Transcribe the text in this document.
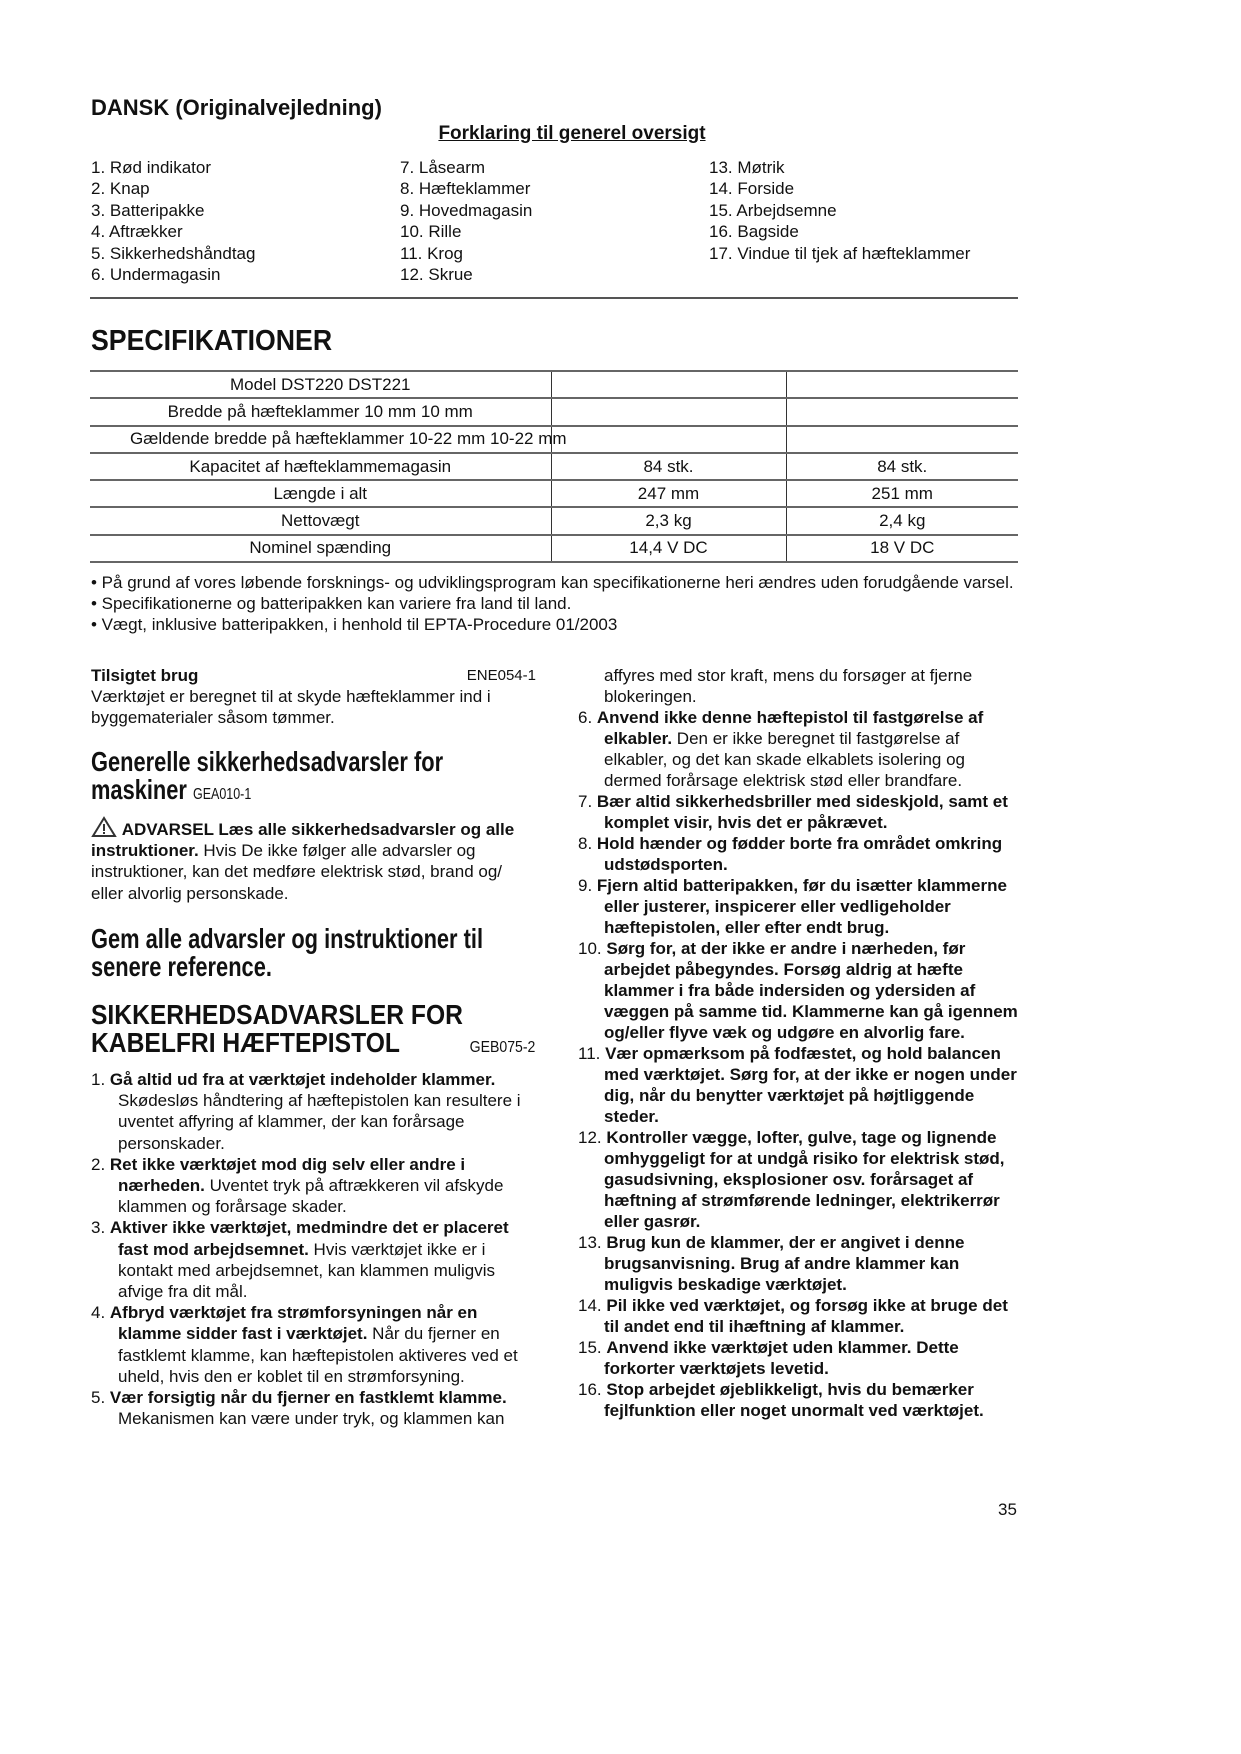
DANSK (Originalvejledning)
Forklaring til generel oversigt
1. Rød indikator
2. Knap
3. Batteripakke
4. Aftrækker
5. Sikkerhedshåndtag
6. Undermagasin
7. Låsearm
8. Hæfteklammer
9. Hovedmagasin
10. Rille
11. Krog
12. Skrue
13. Møtrik
14. Forside
15. Arbejdsemne
16. Bagside
17. Vindue til tjek af hæfteklammer
SPECIFIKATIONER
Model DST220 DST221		
Bredde på hæfteklammer 10 mm 10 mm		
Gældende bredde på hæfteklammer 10-22 mm 10-22 mm		
Kapacitet af hæfteklammemagasin	84 stk.	84 stk.
Længde i alt	247 mm	251 mm
Nettovægt	2,3 kg	2,4 kg
Nominel spænding	14,4 V DC	18 V DC
• På grund af vores løbende forsknings- og udviklingsprogram kan specifikationerne heri ændres uden forudgående varsel.
• Specifikationerne og batteripakken kan variere fra land til land.
• Vægt, inklusive batteripakken, i henhold til EPTA-Procedure 01/2003
Tilsigtet brug	ENE054-1
Værktøjet er beregnet til at skyde hæfteklammer ind i byggematerialer såsom tømmer.
Generelle sikkerhedsadvarsler for maskiner GEA010-1
ADVARSEL Læs alle sikkerhedsadvarsler og alle instruktioner. Hvis De ikke følger alle advarsler og instruktioner, kan det medføre elektrisk stød, brand og/ eller alvorlig personskade.
Gem alle advarsler og instruktioner til senere reference.
SIKKERHEDSADVARSLER FOR
KABELFRI HÆFTEPISTOL	GEB075-2
1. Gå altid ud fra at værktøjet indeholder klammer. Skødesløs håndtering af hæftepistolen kan resultere i uventet affyring af klammer, der kan forårsage personskader.
2. Ret ikke værktøjet mod dig selv eller andre i nærheden. Uventet tryk på aftrækkeren vil afskyde klammen og forårsage skader.
3. Aktiver ikke værktøjet, medmindre det er placeret fast mod arbejdsemnet. Hvis værktøjet ikke er i kontakt med arbejdsemnet, kan klammen muligvis afvige fra dit mål.
4. Afbryd værktøjet fra strømforsyningen når en klamme sidder fast i værktøjet. Når du fjerner en fastklemt klamme, kan hæftepistolen aktiveres ved et uheld, hvis den er koblet til en strømforsyning.
5. Vær forsigtig når du fjerner en fastklemt klamme. Mekanismen kan være under tryk, og klammen kan
affyres med stor kraft, mens du forsøger at fjerne blokeringen.
6. Anvend ikke denne hæftepistol til fastgørelse af elkabler. Den er ikke beregnet til fastgørelse af elkabler, og det kan skade elkablets isolering og dermed forårsage elektrisk stød eller brandfare.
7. Bær altid sikkerhedsbriller med sideskjold, samt et komplet visir, hvis det er påkrævet.
8. Hold hænder og fødder borte fra området omkring udstødsporten.
9. Fjern altid batteripakken, før du isætter klammerne eller justerer, inspicerer eller vedligeholder hæftepistolen, eller efter endt brug.
10. Sørg for, at der ikke er andre i nærheden, før arbejdet påbegyndes. Forsøg aldrig at hæfte klammer i fra både indersiden og ydersiden af væggen på samme tid. Klammerne kan gå igennem og/eller flyve væk og udgøre en alvorlig fare.
11. Vær opmærksom på fodfæstet, og hold balancen med værktøjet. Sørg for, at der ikke er nogen under dig, når du benytter værktøjet på højtliggende steder.
12. Kontroller vægge, lofter, gulve, tage og lignende omhyggeligt for at undgå risiko for elektrisk stød, gasudsivning, eksplosioner osv. forårsaget af hæftning af strømførende ledninger, elektrikerrør eller gasrør.
13. Brug kun de klammer, der er angivet i denne brugsanvisning. Brug af andre klammer kan muligvis beskadige værktøjet.
14. Pil ikke ved værktøjet, og forsøg ikke at bruge det til andet end til ihæftning af klammer.
15. Anvend ikke værktøjet uden klammer. Dette forkorter værktøjets levetid.
16. Stop arbejdet øjeblikkeligt, hvis du bemærker fejlfunktion eller noget unormalt ved værktøjet.
35
